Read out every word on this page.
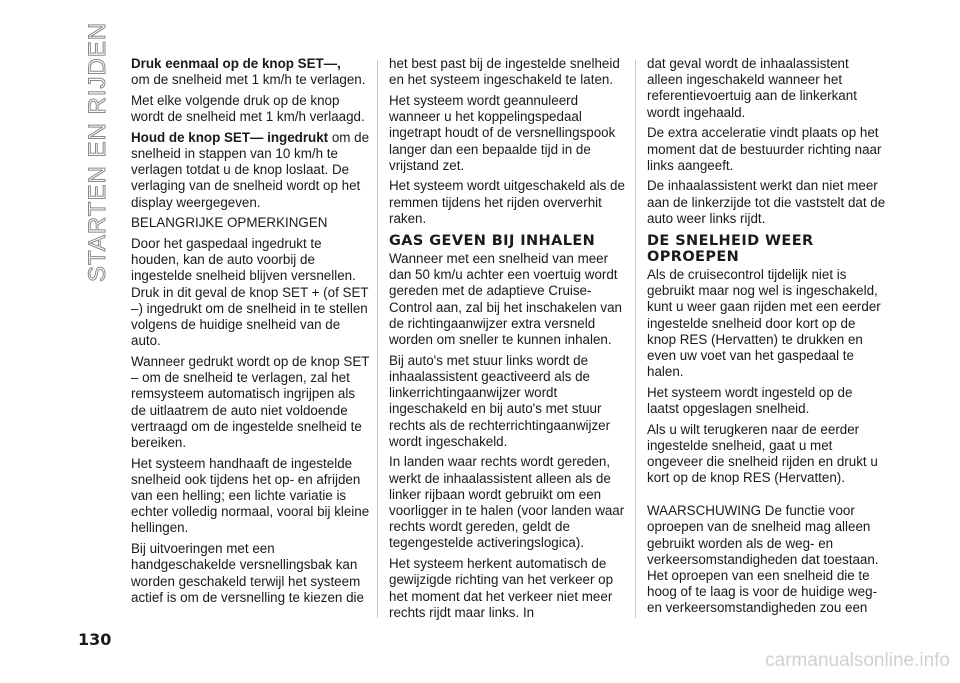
STARTEN EN RIJDEN Druk eenmaal op de knop SET—,
om de snelheid met 1 km/h te verlagen.

Met elke volgende druk op de knop wordt de snelheid met 1 km/h verlaagd.

Houd de knop SET— ingedrukt om de snelheid in stappen van 10 km/h te verlagen totdat u de knop loslaat. De verlaging van de snelheid wordt op het display weergegeven.

BELANGRIJKE OPMERKINGEN

Door het gaspedaal ingedrukt te houden, kan de auto voorbij de ingestelde snelheid blijven versnellen. Druk in dit geval de knop SET + (of SET –) ingedrukt om de snelheid in te stellen volgens de huidige snelheid van de auto.

Wanneer gedrukt wordt op de knop SET – om de snelheid te verlagen, zal het remsysteem automatisch ingrijpen als de uitlaatrem de auto niet voldoende vertraagd om de ingestelde snelheid te bereiken.

Het systeem handhaaft de ingestelde snelheid ook tijdens het op- en afrijden van een helling; een lichte variatie is echter volledig normaal, vooral bij kleine hellingen.

Bij uitvoeringen met een handgeschakelde versnellingsbak kan worden geschakeld terwijl het systeem actief is om de versnelling te kiezen die

het best past bij de ingestelde snelheid en het systeem ingeschakeld te laten.

Het systeem wordt geannuleerd wanneer u het koppelingspedaal ingetrapt houdt of de versnellingspook langer dan een bepaalde tijd in de vrijstand zet.

Het systeem wordt uitgeschakeld als de remmen tijdens het rijden oververhit raken.

GAS GEVEN BIJ INHALEN

Wanneer met een snelheid van meer dan 50 km/u achter een voertuig wordt gereden met de adaptieve Cruise-Control aan, zal bij het inschakelen van de richtingaanwijzer extra versneld worden om sneller te kunnen inhalen.

Bij auto's met stuur links wordt de inhaalassistent geactiveerd als de linkerrichtingaanwijzer wordt ingeschakeld en bij auto's met stuur rechts als de rechterrichtingaanwijzer wordt ingeschakeld.

In landen waar rechts wordt gereden, werkt de inhaalassistent alleen als de linker rijbaan wordt gebruikt om een voorligger in te halen (voor landen waar rechts wordt gereden, geldt de tegengestelde activeringslogica).

Het systeem herkent automatisch de gewijzigde richting van het verkeer op het moment dat het verkeer niet meer rechts rijdt maar links. In

dat geval wordt de inhaalassistent alleen ingeschakeld wanneer het referentievoertuig aan de linkerkant wordt ingehaald.

De extra acceleratie vindt plaats op het moment dat de bestuurder richting naar links aangeeft.

De inhaalassistent werkt dan niet meer aan de linkerzijde tot die vaststelt dat de auto weer links rijdt.

DE SNELHEID WEER OPROEPEN

Als de cruisecontrol tijdelijk niet is gebruikt maar nog wel is ingeschakeld, kunt u weer gaan rijden met een eerder ingestelde snelheid door kort op de knop RES (Hervatten) te drukken en even uw voet van het gaspedaal te halen.

Het systeem wordt ingesteld op de laatst opgeslagen snelheid.

Als u wilt terugkeren naar de eerder ingestelde snelheid, gaat u met ongeveer die snelheid rijden en drukt u kort op de knop RES (Hervatten).

WAARSCHUWING De functie voor oproepen van de snelheid mag alleen gebruikt worden als de weg- en verkeersomstandigheden dat toestaan. Het oproepen van een snelheid die te hoog of te laag is voor de huidige weg- en verkeersomstandigheden zou een

130
carmanualsonline.info
